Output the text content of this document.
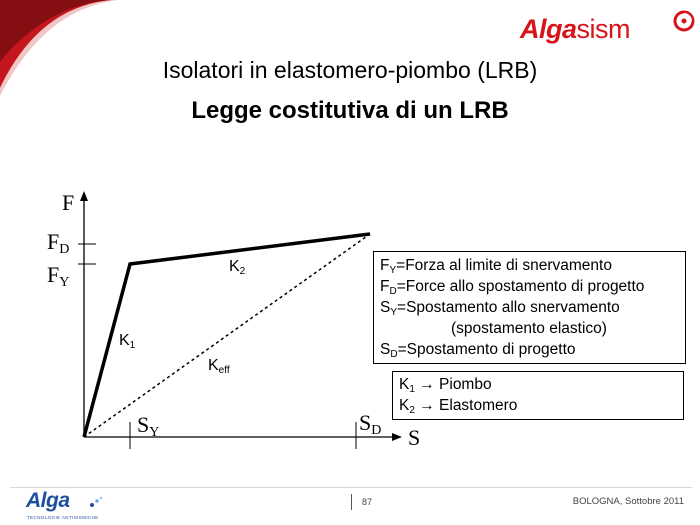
Algasism
Isolatori in elastomero-piombo (LRB)
Legge costitutiva di un LRB
F
S
$F_D$
$F_Y$
$S_Y$	$S_D$
$K_1$
$K_2$
$K_{eff}$
$F_Y=Forza$ al limite di snervamento
$F_D=Force$ allo spostamento di progetto
$S_Y=Spostamento$ allo snervamento
(spostamento elastico)
$S_D=Spostamento$ di progetto
$K_1$ → Piombo
$K_2$ → Elastomero
Alga
TECNOLOGIE ANTISISMICHE
87	BOLOGNA, Sottobre 2011
